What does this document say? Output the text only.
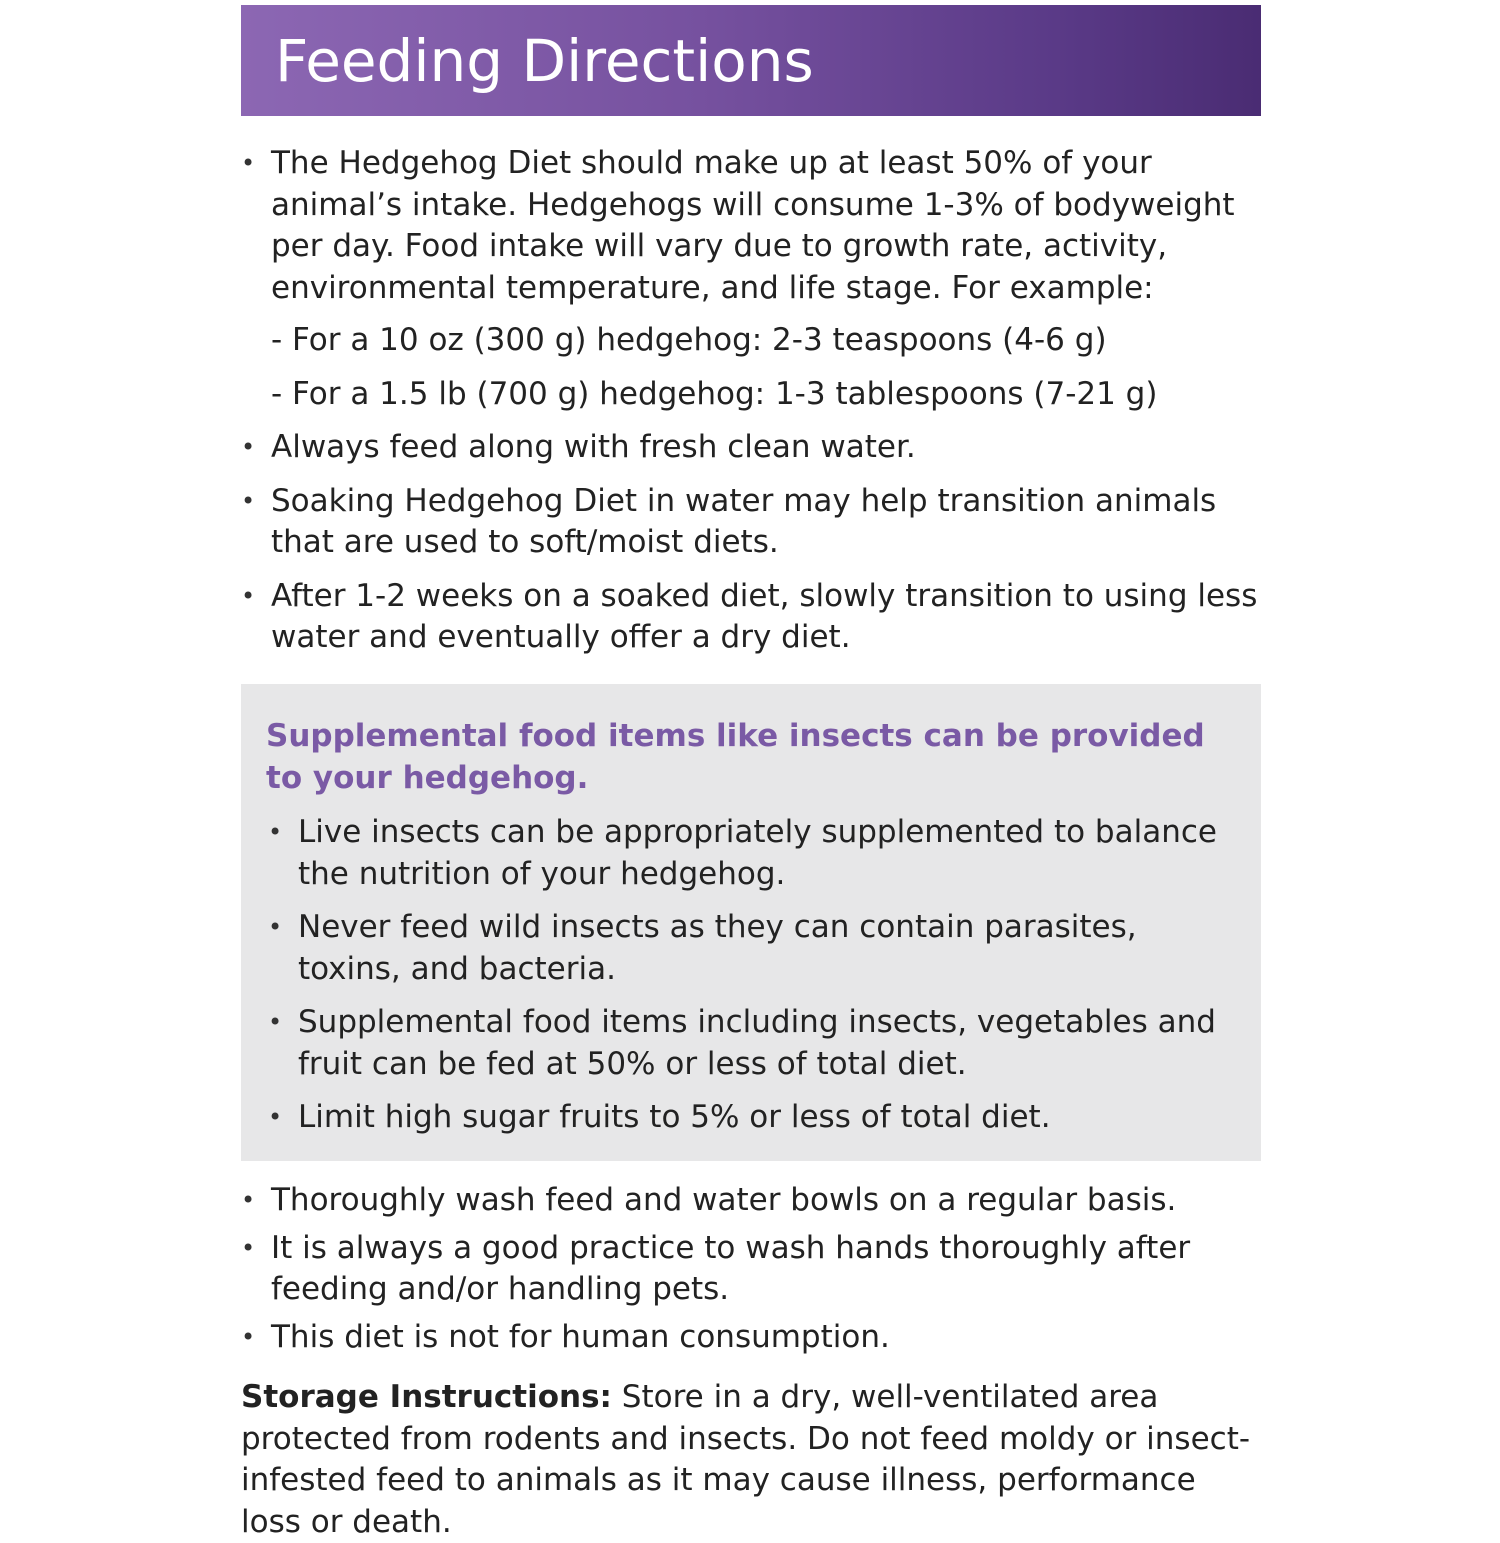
Feeding Directions
• The Hedgehog Diet should make up at least 50% of your animal’s intake. Hedgehogs will consume 1-3% of bodyweight per day. Food intake will vary due to growth rate, activity, environmental temperature, and life stage. For example:
- For a 10 oz (300 g) hedgehog: 2-3 teaspoons (4-6 g)
- For a 1.5 lb (700 g) hedgehog: 1-3 tablespoons (7-21 g)
• Always feed along with fresh clean water.
• Soaking Hedgehog Diet in water may help transition animals that are used to soft/moist diets.
• After 1-2 weeks on a soaked diet, slowly transition to using less water and eventually offer a dry diet.

Supplemental food items like insects can be provided to your hedgehog.

• Live insects can be appropriately supplemented to balance the nutrition of your hedgehog.
• Never feed wild insects as they can contain parasites, toxins, and bacteria.
• Supplemental food items including insects, vegetables and fruit can be fed at 50% or less of total diet.
• Limit high sugar fruits to 5% or less of total diet.
• Thoroughly wash feed and water bowls on a regular basis.
• It is always a good practice to wash hands thoroughly after feeding and/or handling pets.
• This diet is not for human consumption.

Storage Instructions: Store in a dry, well-ventilated area protected from rodents and insects. Do not feed moldy or insect-infested feed to animals as it may cause illness, performance loss or death.
